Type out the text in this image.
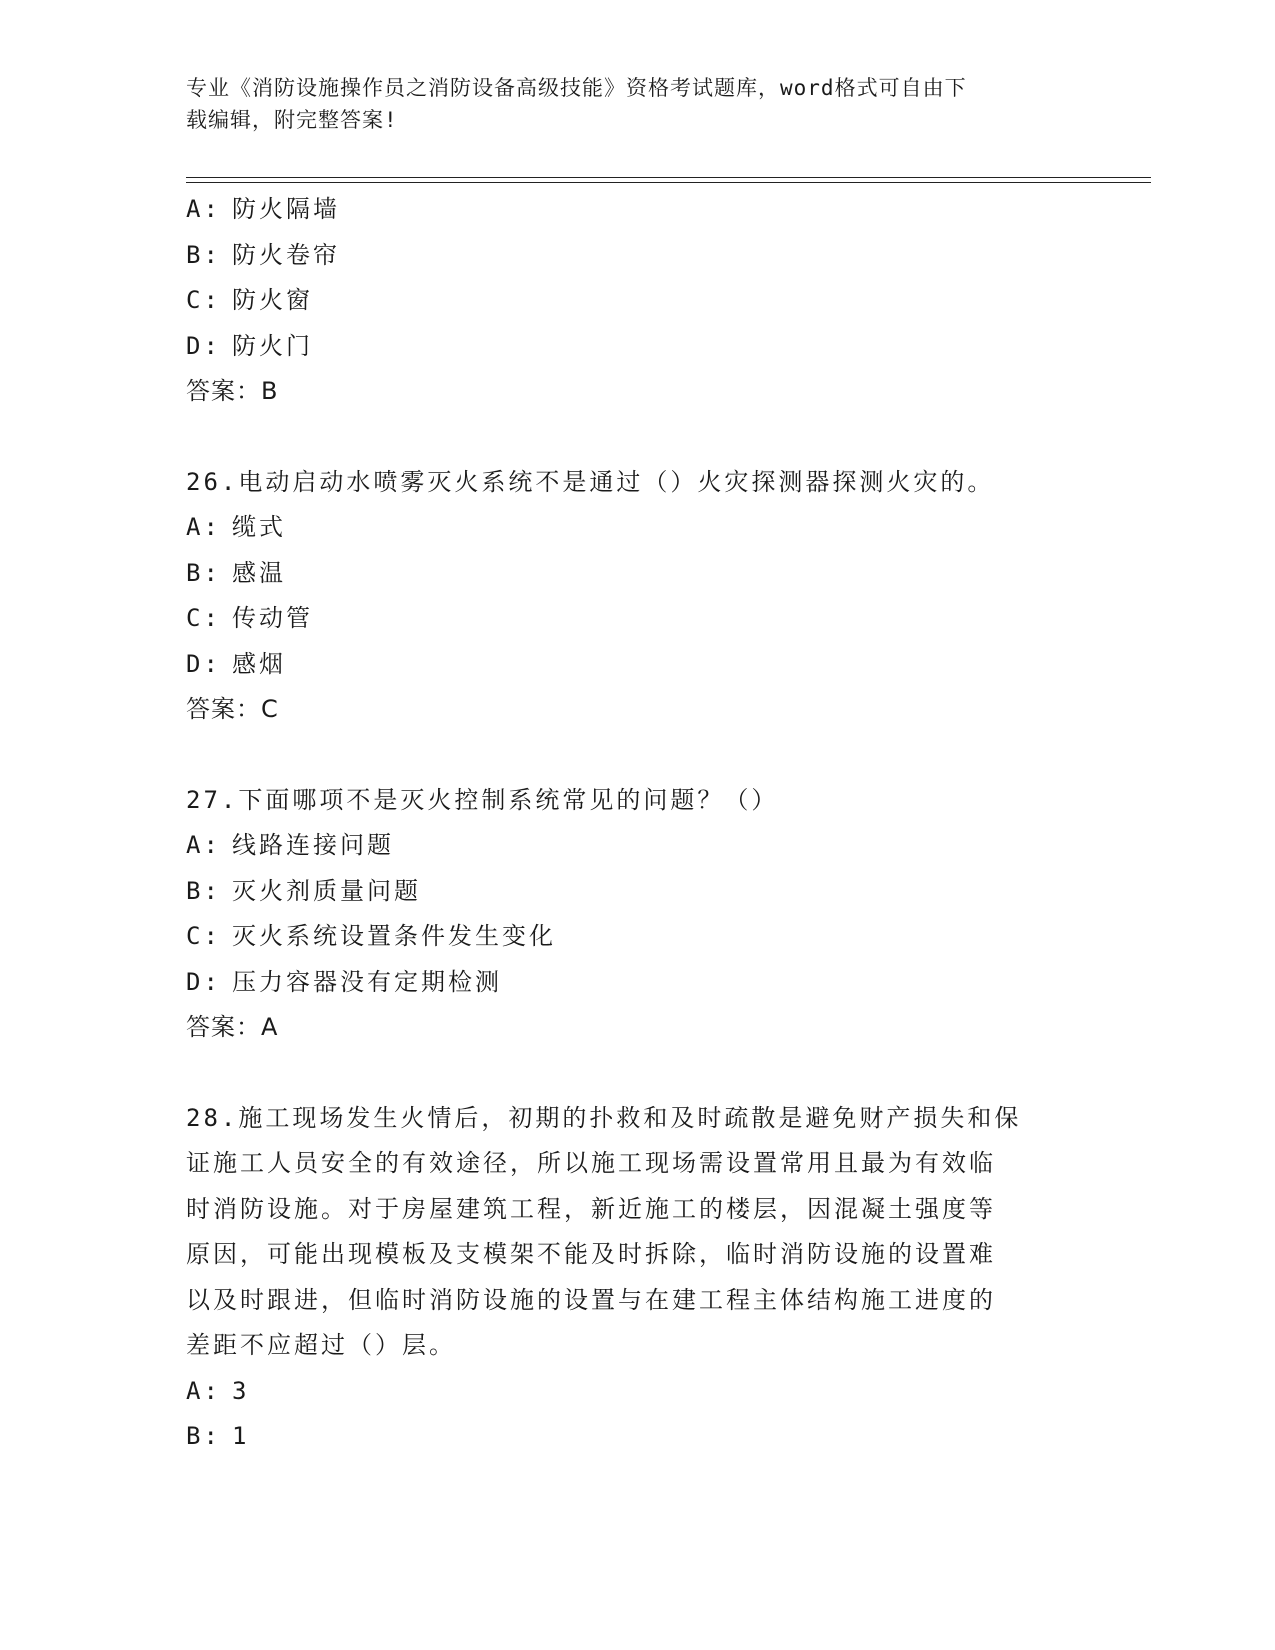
专业《消防设施操作员之消防设备高级技能》资格考试题库，word格式可自由下
载编辑，附完整答案!
A: 防火隔墙
B: 防火卷帘
C: 防火窗
D: 防火门
答案：B
26.电动启动水喷雾灭火系统不是通过（）火灾探测器探测火灾的。
A: 缆式
B: 感温
C: 传动管
D: 感烟
答案：C
27.下面哪项不是灭火控制系统常见的问题？（）
A: 线路连接问题
B: 灭火剂质量问题
C: 灭火系统设置条件发生变化
D: 压力容器没有定期检测
答案：A
28.施工现场发生火情后，初期的扑救和及时疏散是避免财产损失和保
证施工人员安全的有效途径，所以施工现场需设置常用且最为有效临
时消防设施。对于房屋建筑工程，新近施工的楼层，因混凝土强度等
原因，可能出现模板及支模架不能及时拆除，临时消防设施的设置难
以及时跟进，但临时消防设施的设置与在建工程主体结构施工进度的
差距不应超过（）层。
A: 3
B: 1
